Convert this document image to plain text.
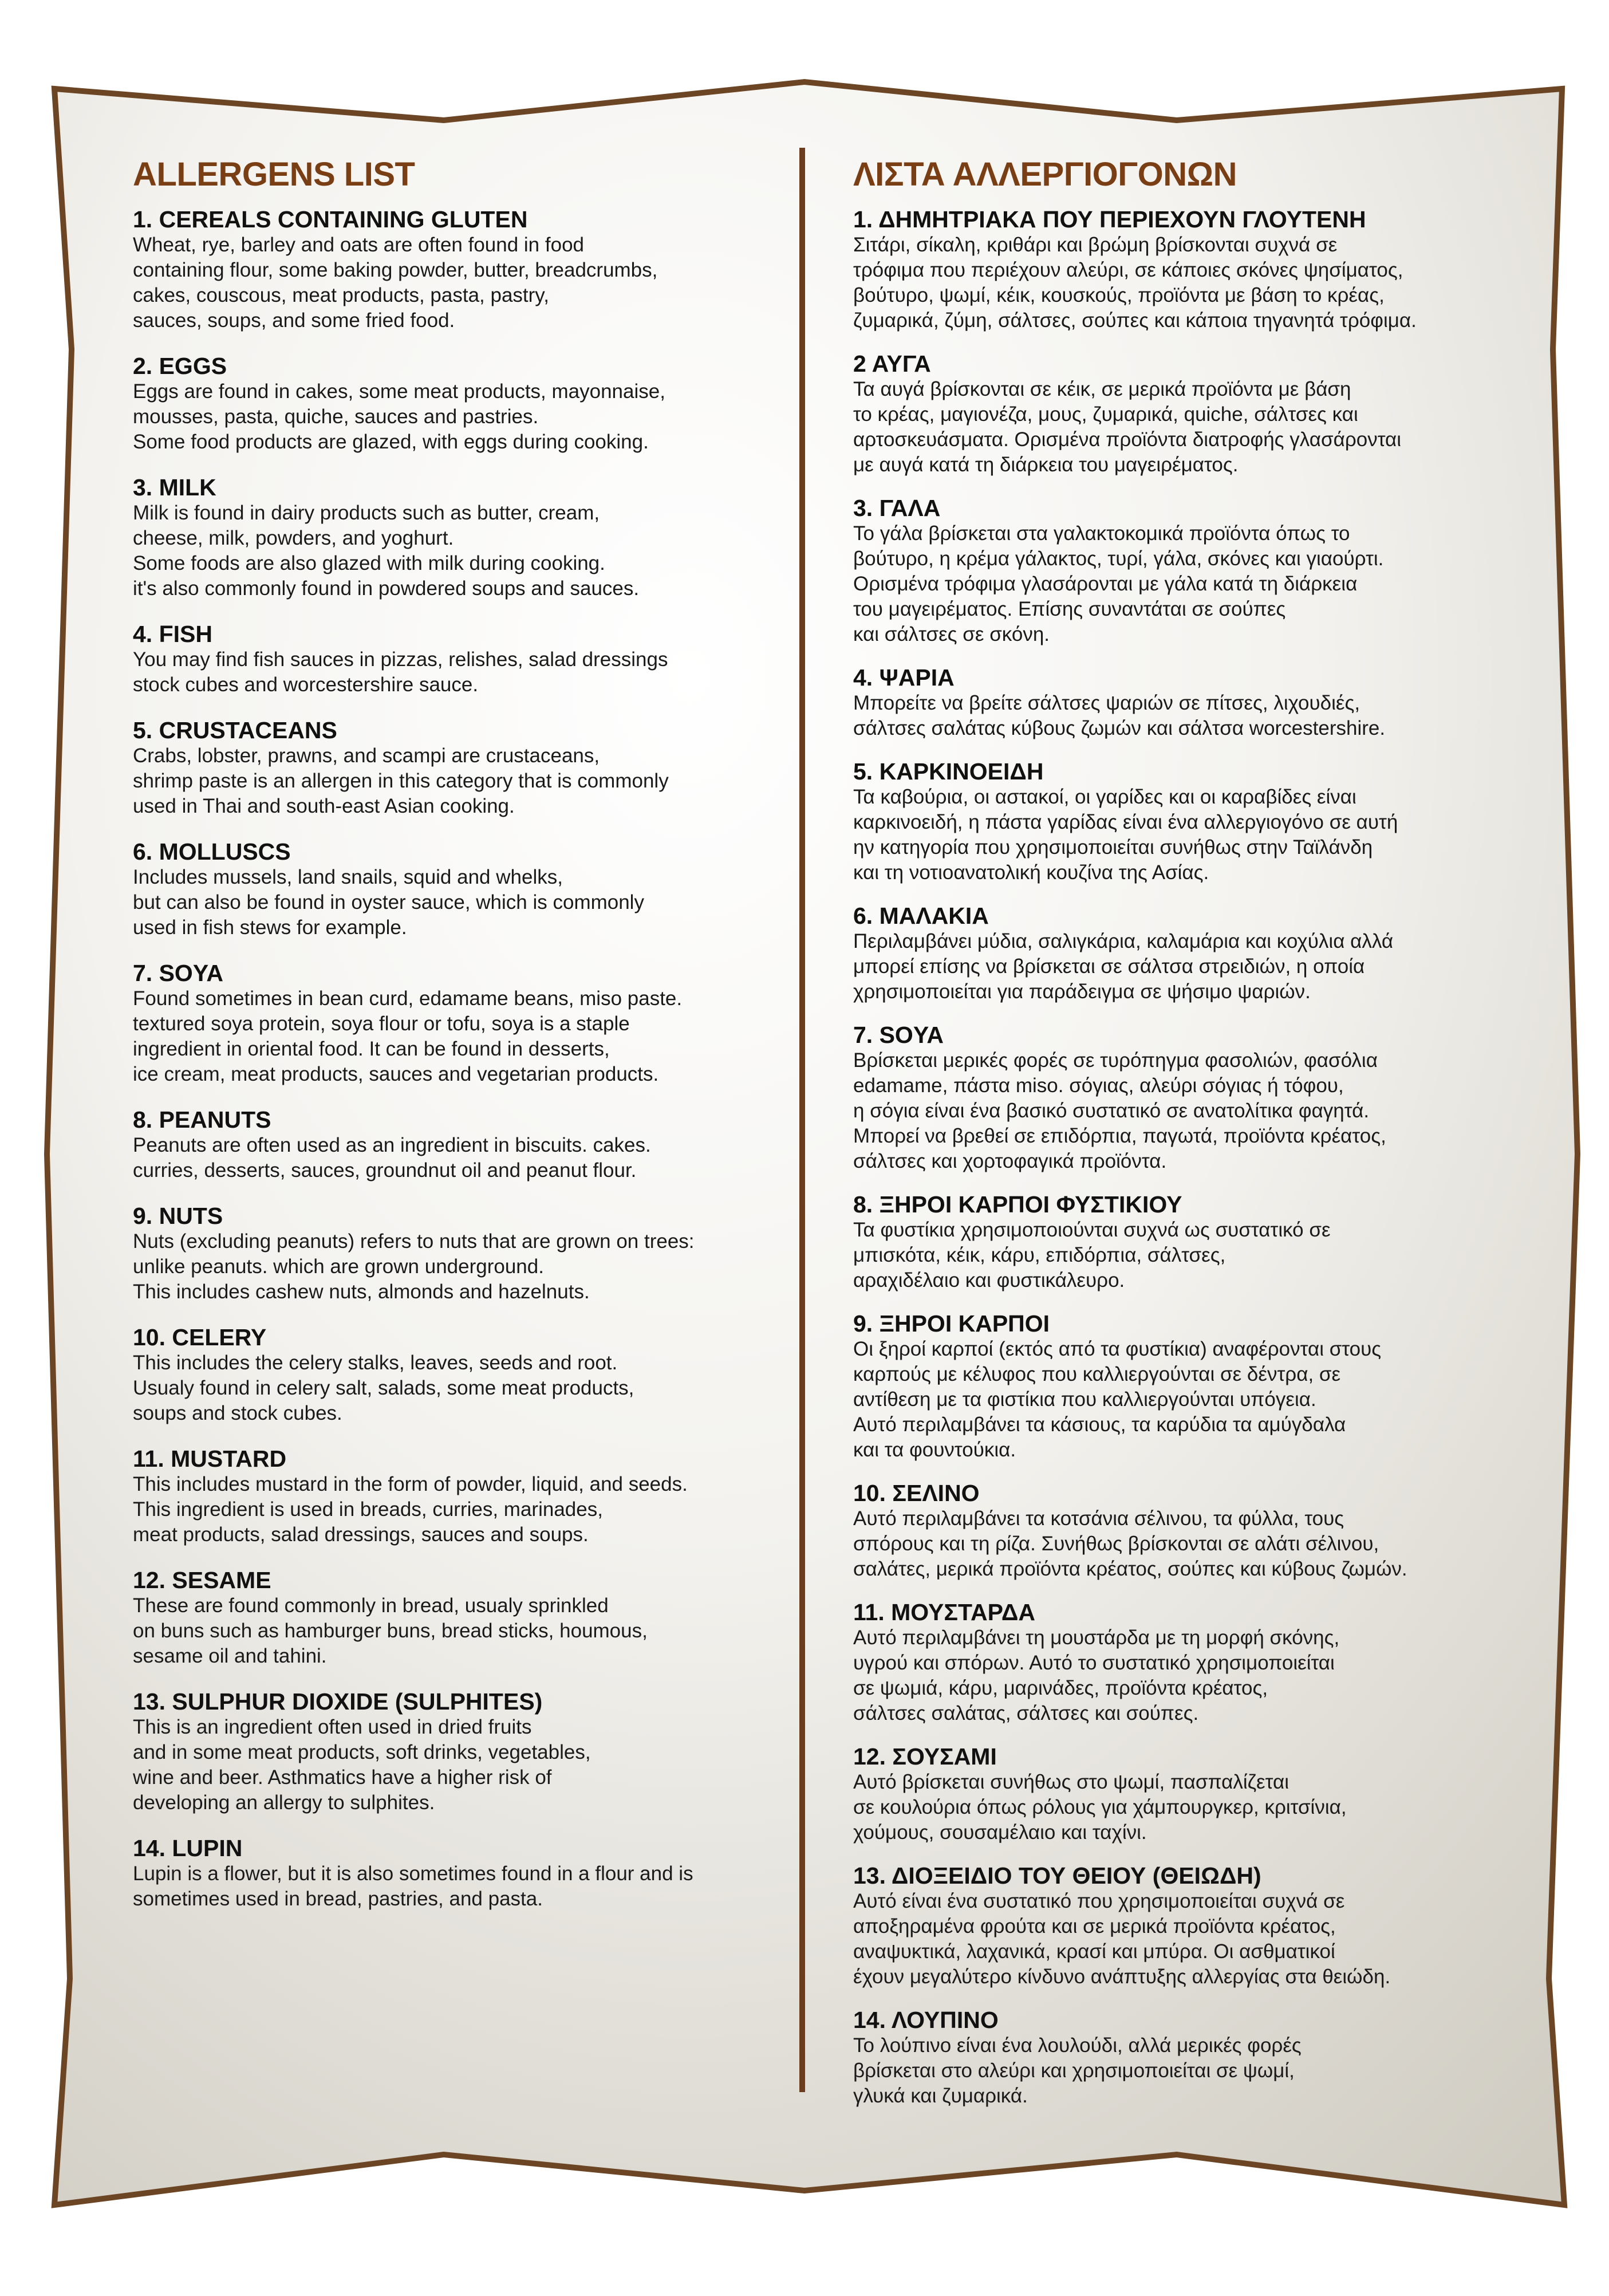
ALLERGENS LIST
1. CEREALS CONTAINING GLUTEN
Wheat, rye, barley and oats are often found in food
containing flour, some baking powder, butter, breadcrumbs,
cakes, couscous, meat products, pasta, pastry,
sauces, soups, and some fried food.
2. EGGS
Eggs are found in cakes, some meat products, mayonnaise,
mousses, pasta, quiche, sauces and pastries.
Some food products are glazed, with eggs during cooking.
3. MILK
Milk is found in dairy products such as butter, cream,
cheese, milk, powders, and yoghurt.
Some foods are also glazed with milk during cooking.
it's also commonly found in powdered soups and sauces.
4. FISH
You may find fish sauces in pizzas, relishes, salad dressings
stock cubes and worcestershire sauce.
5. CRUSTACEANS
Crabs, lobster, prawns, and scampi are crustaceans,
shrimp paste is an allergen in this category that is commonly
used in Thai and south-east Asian cooking.
6. MOLLUSCS
Includes mussels, land snails, squid and whelks,
but can also be found in oyster sauce, which is commonly
used in fish stews for example.
7. SOYA
Found sometimes in bean curd, edamame beans, miso paste.
textured soya protein, soya flour or tofu, soya is a staple
ingredient in oriental food. It can be found in desserts,
ice cream, meat products, sauces and vegetarian products.
8. PEANUTS
Peanuts are often used as an ingredient in biscuits. cakes.
curries, desserts, sauces, groundnut oil and peanut flour.
9. NUTS
Nuts (excluding peanuts) refers to nuts that are grown on trees:
unlike peanuts. which are grown underground.
This includes cashew nuts, almonds and hazelnuts.
10. CELERY
This includes the celery stalks, leaves, seeds and root.
Usualy found in celery salt, salads, some meat products,
soups and stock cubes.
11. MUSTARD
This includes mustard in the form of powder, liquid, and seeds.
This ingredient is used in breads, curries, marinades,
meat products, salad dressings, sauces and soups.
12. SESAME
These are found commonly in bread, usualy sprinkled
on buns such as hamburger buns, bread sticks, houmous,
sesame oil and tahini.
13. SULPHUR DIOXIDE (SULPHITES)
This is an ingredient often used in dried fruits
and in some meat products, soft drinks, vegetables,
wine and beer. Asthmatics have a higher risk of
developing an allergy to sulphites.
14. LUPIN
Lupin is a flower, but it is also sometimes found in a flour and is
sometimes used in bread, pastries, and pasta.
ΛΙΣΤΑ ΑΛΛΕΡΓΙΟΓΟΝΩΝ
1. ΔΗΜΗΤΡΙΑΚΑ ΠΟΥ ΠΕΡΙΕΧΟΥΝ ΓΛΟΥΤΕΝΗ
Σιτάρι, σίκαλη, κριθάρι και βρώμη βρίσκονται συχνά σε
τρόφιμα που περιέχουν αλεύρι, σε κάποιες σκόνες ψησίματος,
βούτυρο, ψωμί, κέικ, κουσκούς, προϊόντα με βάση το κρέας,
ζυμαρικά, ζύμη, σάλτσες, σούπες και κάποια τηγανητά τρόφιμα.
2 ΑΥΓΑ
Τα αυγά βρίσκονται σε κέικ, σε μερικά προϊόντα με βάση
το κρέας, μαγιονέζα, μους, ζυμαρικά, quiche, σάλτσες και
αρτοσκευάσματα. Ορισμένα προϊόντα διατροφής γλασάρονται
με αυγά κατά τη διάρκεια του μαγειρέματος.
3. ΓΑΛΑ
Το γάλα βρίσκεται στα γαλακτοκομικά προϊόντα όπως το
βούτυρο, η κρέμα γάλακτος, τυρί, γάλα, σκόνες και γιαούρτι.
Ορισμένα τρόφιμα γλασάρονται με γάλα κατά τη διάρκεια
του μαγειρέματος. Επίσης συναντάται σε σούπες
και σάλτσες σε σκόνη.
4. ΨΑΡΙΑ
Μπορείτε να βρείτε σάλτσες ψαριών σε πίτσες, λιχουδιές,
σάλτσες σαλάτας κύβους ζωμών και σάλτσα worcestershire.
5. ΚΑΡΚΙΝΟΕΙΔΗ
Τα καβούρια, οι αστακοί, οι γαρίδες και οι καραβίδες είναι
καρκινοειδή, η πάστα γαρίδας είναι ένα αλλεργιογόνο σε αυτή
ην κατηγορία που χρησιμοποιείται συνήθως στην Ταϊλάνδη
και τη νοτιοανατολική κουζίνα της Ασίας.
6. ΜΑΛΑΚΙΑ
Περιλαμβάνει μύδια, σαλιγκάρια, καλαμάρια και κοχύλια αλλά
μπορεί επίσης να βρίσκεται σε σάλτσα στρειδιών, η οποία
χρησιμοποιείται για παράδειγμα σε ψήσιμο ψαριών.
7. SOYA
Βρίσκεται μερικές φορές σε τυρόπηγμα φασολιών, φασόλια
edamame, πάστα miso. σόγιας, αλεύρι σόγιας ή τόφου,
η σόγια είναι ένα βασικό συστατικό σε ανατολίτικα φαγητά.
Μπορεί να βρεθεί σε επιδόρπια, παγωτά, προϊόντα κρέατος,
σάλτσες και χορτοφαγικά προϊόντα.
8. ΞΗΡΟΙ ΚΑΡΠΟΙ ΦΥΣΤΙΚΙΟΥ
Τα φυστίκια χρησιμοποιούνται συχνά ως συστατικό σε
μπισκότα, κέικ, κάρυ, επιδόρπια, σάλτσες,
αραχιδέλαιο και φυστικάλευρο.
9. ΞΗΡΟΙ ΚΑΡΠΟΙ
Οι ξηροί καρποί (εκτός από τα φυστίκια) αναφέρονται στους
καρπούς με κέλυφος που καλλιεργούνται σε δέντρα, σε
αντίθεση με τα φιστίκια που καλλιεργούνται υπόγεια.
Αυτό περιλαμβάνει τα κάσιους, τα καρύδια τα αμύγδαλα
και τα φουντούκια.
10. ΣΕΛΙΝΟ
Αυτό περιλαμβάνει τα κοτσάνια σέλινου, τα φύλλα, τους
σπόρους και τη ρίζα. Συνήθως βρίσκονται σε αλάτι σέλινου,
σαλάτες, μερικά προϊόντα κρέατος, σούπες και κύβους ζωμών.
11. ΜΟΥΣΤΑΡΔΑ
Αυτό περιλαμβάνει τη μουστάρδα με τη μορφή σκόνης,
υγρού και σπόρων. Αυτό το συστατικό χρησιμοποιείται
σε ψωμιά, κάρυ, μαρινάδες, προϊόντα κρέατος,
σάλτσες σαλάτας, σάλτσες και σούπες.
12. ΣΟΥΣΑΜΙ
Αυτό βρίσκεται συνήθως στο ψωμί, πασπαλίζεται
σε κουλούρια όπως ρόλους για χάμπουργκερ, κριτσίνια,
χούμους, σουσαμέλαιο και ταχίνι.
13. ΔΙΟΞΕΙΔΙΟ ΤΟΥ ΘΕΙΟΥ (ΘΕΙΩΔΗ)
Αυτό είναι ένα συστατικό που χρησιμοποιείται συχνά σε
αποξηραμένα φρούτα και σε μερικά προϊόντα κρέατος,
αναψυκτικά, λαχανικά, κρασί και μπύρα. Οι ασθματικοί
έχουν μεγαλύτερο κίνδυνο ανάπτυξης αλλεργίας στα θειώδη.
14. ΛΟΥΠΙΝΟ
Το λούπινο είναι ένα λουλούδι, αλλά μερικές φορές
βρίσκεται στο αλεύρι και χρησιμοποιείται σε ψωμί,
γλυκά και ζυμαρικά.
